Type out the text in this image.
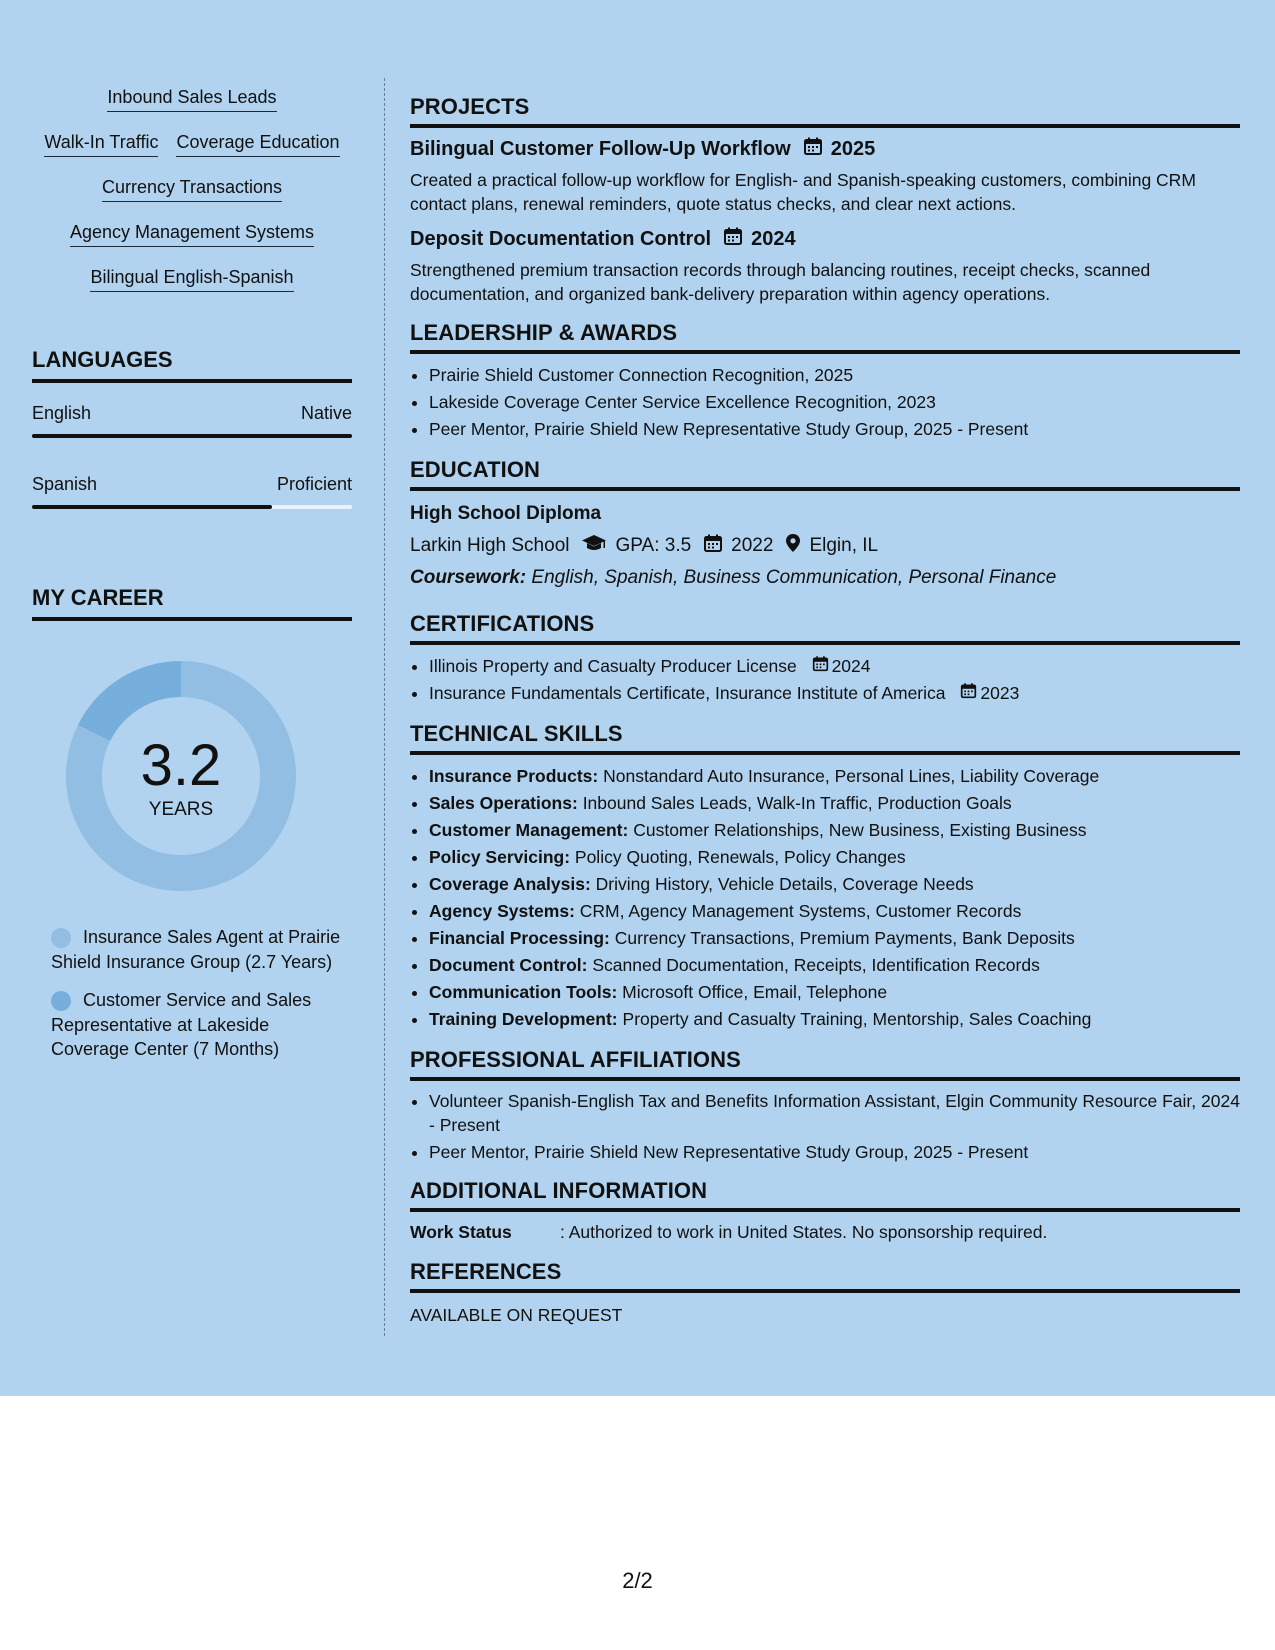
Inbound Sales Leads
Walk-In Traffic Coverage Education
Currency Transactions
Agency Management Systems
Bilingual English-Spanish
LANGUAGES
English	Native
Spanish	Proficient
MY CAREER
3.2
YEARS
Insurance Sales Agent at Prairie Shield Insurance Group (2.7 Years)
Customer Service and Sales Representative at Lakeside Coverage Center (7 Months)
PROJECTS
Bilingual Customer Follow-Up Workflow 2025
Created a practical follow-up workflow for English- and Spanish-speaking customers, combining CRM contact plans, renewal reminders, quote status checks, and clear next actions.
Deposit Documentation Control 2024
Strengthened premium transaction records through balancing routines, receipt checks, scanned documentation, and organized bank-delivery preparation within agency operations.
LEADERSHIP & AWARDS
• Prairie Shield Customer Connection Recognition, 2025
• Lakeside Coverage Center Service Excellence Recognition, 2023
• Peer Mentor, Prairie Shield New Representative Study Group, 2025 - Present
EDUCATION
High School Diploma
Larkin High School GPA: 3.5 2022 Elgin, IL
Coursework: English, Spanish, Business Communication, Personal Finance
CERTIFICATIONS
• Illinois Property and Casualty Producer License 2024
• Insurance Fundamentals Certificate, Insurance Institute of America 2023
TECHNICAL SKILLS
• Insurance Products: Nonstandard Auto Insurance, Personal Lines, Liability Coverage
• Sales Operations: Inbound Sales Leads, Walk-In Traffic, Production Goals
• Customer Management: Customer Relationships, New Business, Existing Business
• Policy Servicing: Policy Quoting, Renewals, Policy Changes
• Coverage Analysis: Driving History, Vehicle Details, Coverage Needs
• Agency Systems: CRM, Agency Management Systems, Customer Records
• Financial Processing: Currency Transactions, Premium Payments, Bank Deposits
• Document Control: Scanned Documentation, Receipts, Identification Records
• Communication Tools: Microsoft Office, Email, Telephone
• Training Development: Property and Casualty Training, Mentorship, Sales Coaching
PROFESSIONAL AFFILIATIONS
• Volunteer Spanish-English Tax and Benefits Information Assistant, Elgin Community Resource Fair, 2024 - Present
• Peer Mentor, Prairie Shield New Representative Study Group, 2025 - Present
ADDITIONAL INFORMATION
Work Status	: Authorized to work in United States. No sponsorship required.
REFERENCES
AVAILABLE ON REQUEST
2/2
